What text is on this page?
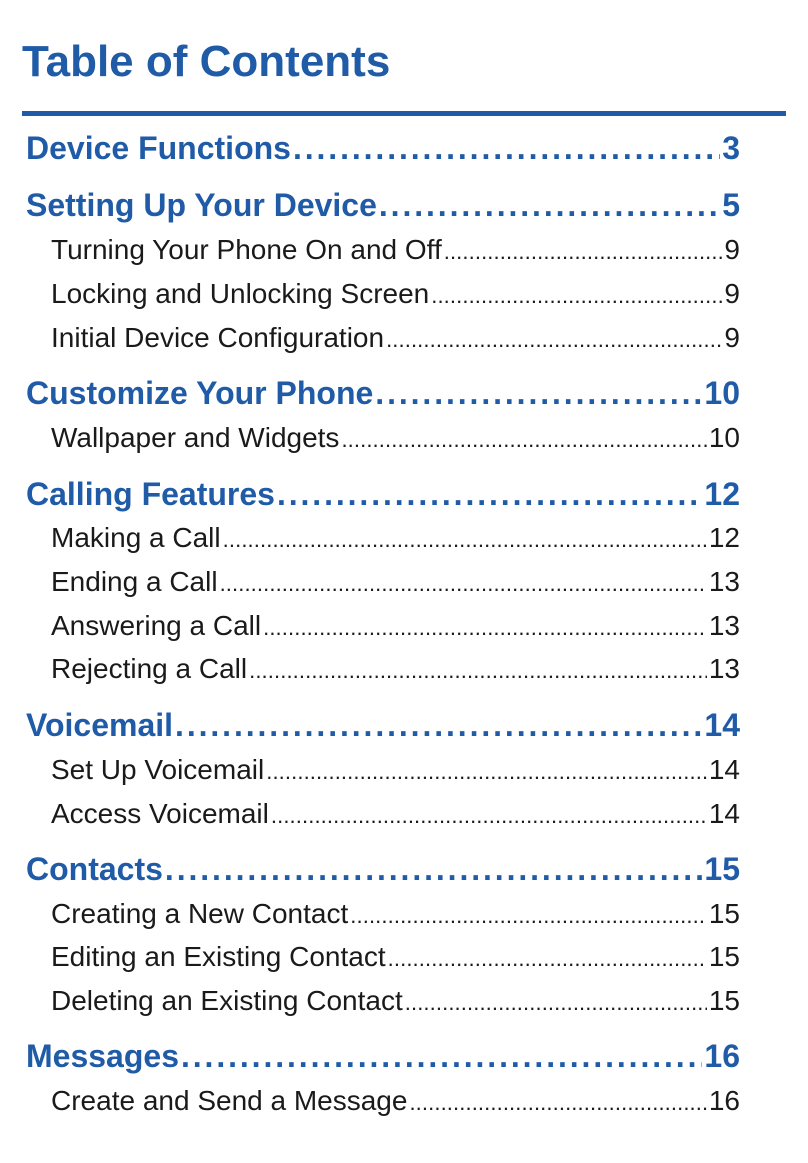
Table of Contents
Device Functions . . .	3
Setting Up Your Device . . .	5
Turning Your Phone On and Off . . .	9
Locking and Unlocking Screen . . .	9
Initial Device Configuration . . .	9
Customize Your Phone . . .	10
Wallpaper and Widgets . . .	10
Calling Features . . .	12
Making a Call . . .	12
Ending a Call . . .	13
Answering a Call . . .	13
Rejecting a Call . . .	13
Voicemail . . .	14
Set Up Voicemail . . .	14
Access Voicemail . . .	14
Contacts . . .	15
Creating a New Contact . . .	15
Editing an Existing Contact . . .	15
Deleting an Existing Contact . . .	15
Messages . . .	16
Create and Send a Message . . .	16
